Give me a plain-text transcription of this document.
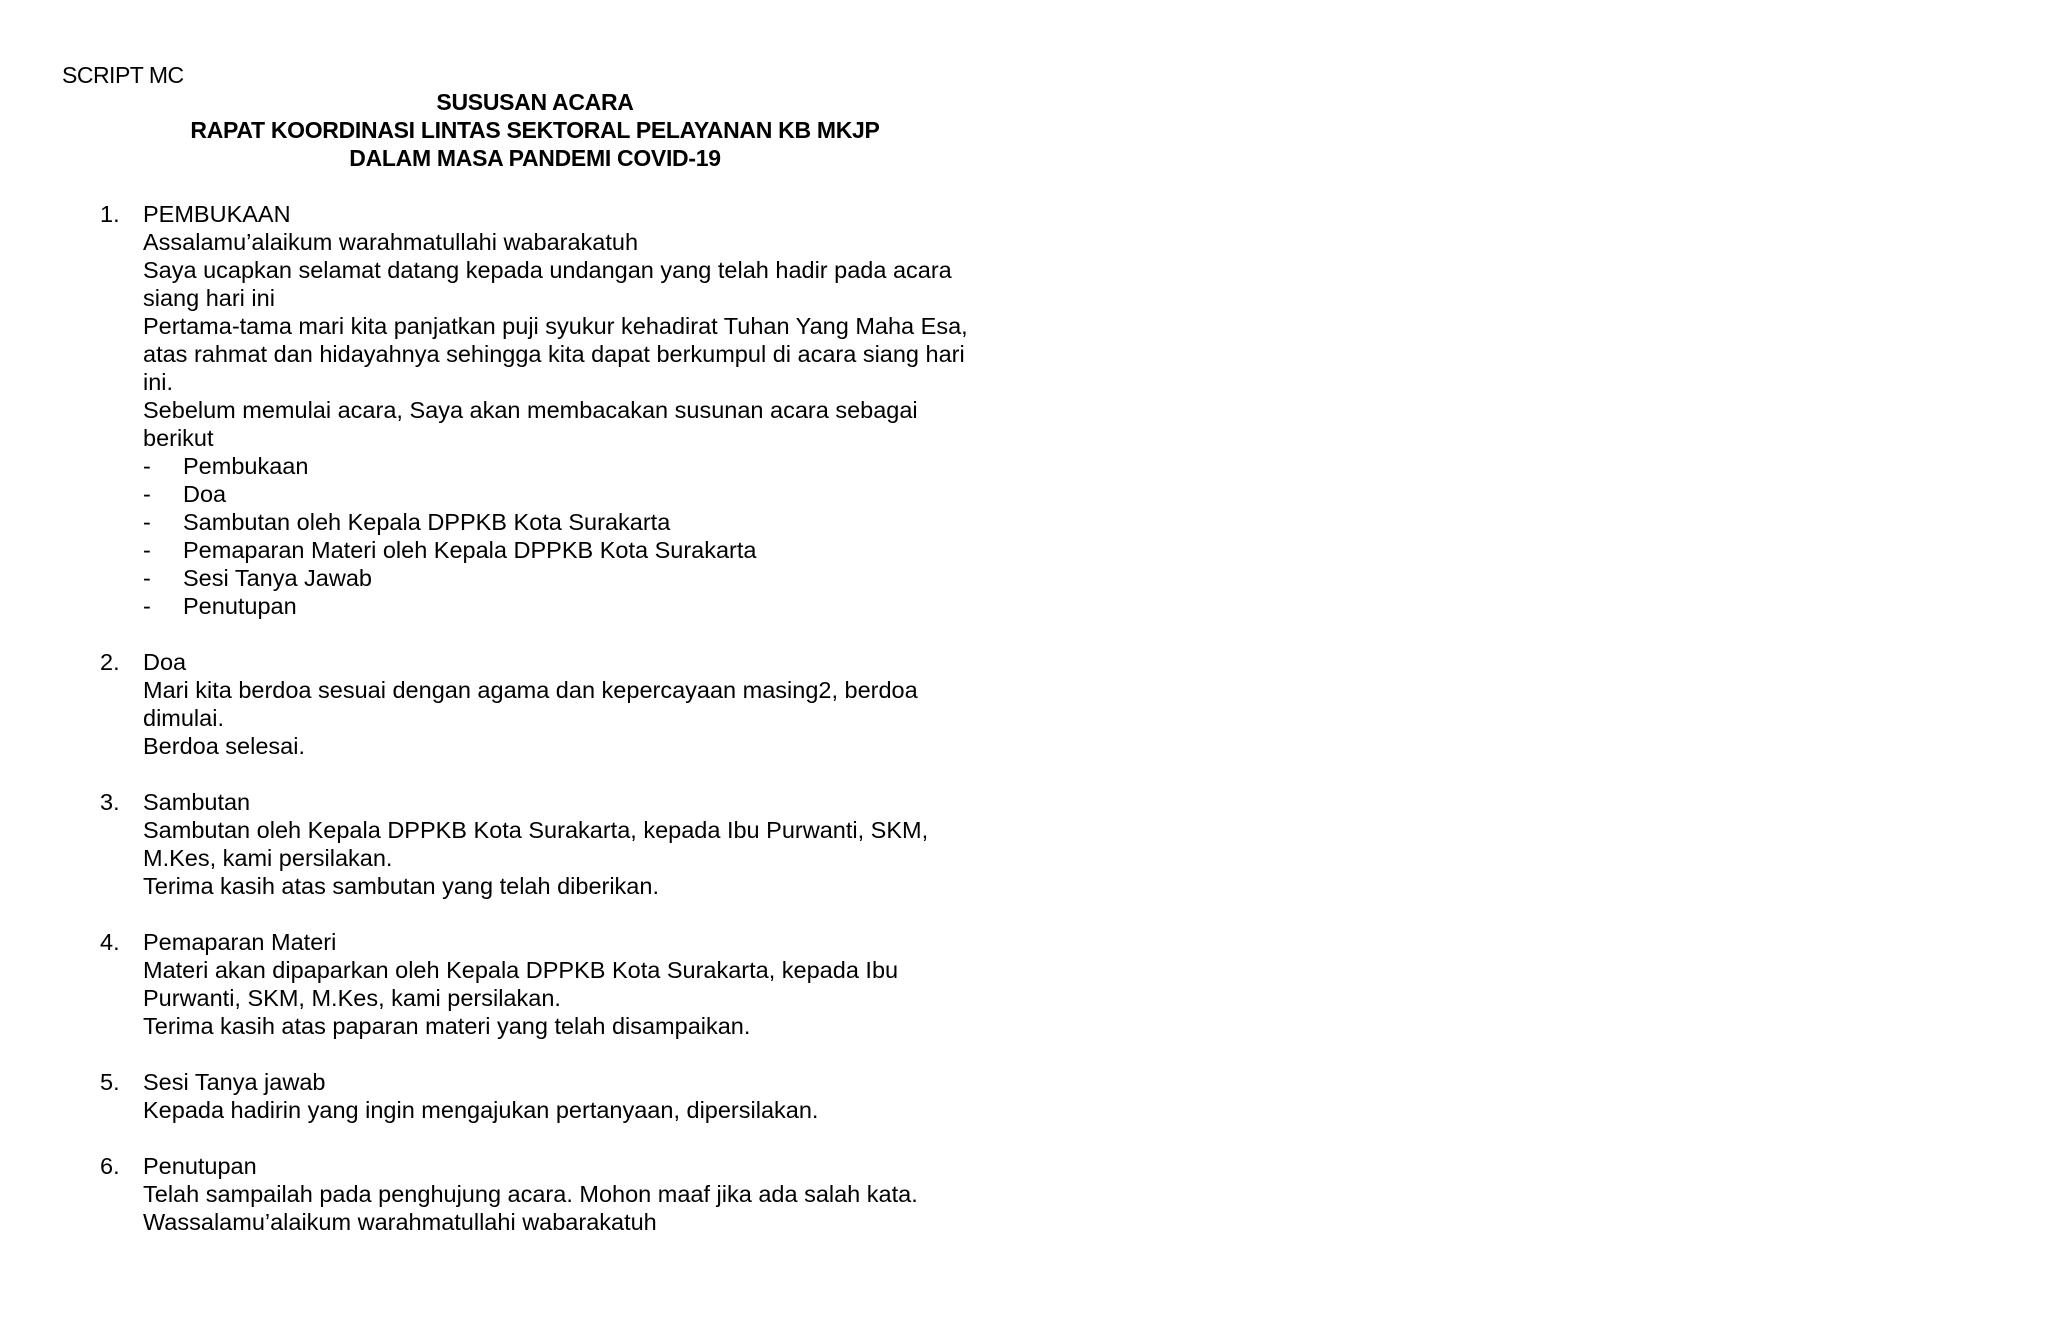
SCRIPT MC
SUSUSAN ACARA
RAPAT KOORDINASI LINTAS SEKTORAL PELAYANAN KB MKJP
DALAM MASA PANDEMI COVID-19
1. PEMBUKAAN
Assalamu’alaikum warahmatullahi wabarakatuh
Saya ucapkan selamat datang kepada undangan yang telah hadir pada acara
siang hari ini
Pertama-tama mari kita panjatkan puji syukur kehadirat Tuhan Yang Maha Esa,
atas rahmat dan hidayahnya sehingga kita dapat berkumpul di acara siang hari
ini.
Sebelum memulai acara, Saya akan membacakan susunan acara sebagai
berikut
- Pembukaan
- Doa
- Sambutan oleh Kepala DPPKB Kota Surakarta
- Pemaparan Materi oleh Kepala DPPKB Kota Surakarta
- Sesi Tanya Jawab
- Penutupan
2. Doa
Mari kita berdoa sesuai dengan agama dan kepercayaan masing2, berdoa
dimulai.
Berdoa selesai.
3. Sambutan
Sambutan oleh Kepala DPPKB Kota Surakarta, kepada Ibu Purwanti, SKM,
M.Kes, kami persilakan.
Terima kasih atas sambutan yang telah diberikan.
4. Pemaparan Materi
Materi akan dipaparkan oleh Kepala DPPKB Kota Surakarta, kepada Ibu
Purwanti, SKM, M.Kes, kami persilakan.
Terima kasih atas paparan materi yang telah disampaikan.
5. Sesi Tanya jawab
Kepada hadirin yang ingin mengajukan pertanyaan, dipersilakan.
6. Penutupan
Telah sampailah pada penghujung acara. Mohon maaf jika ada salah kata.
Wassalamu’alaikum warahmatullahi wabarakatuh
